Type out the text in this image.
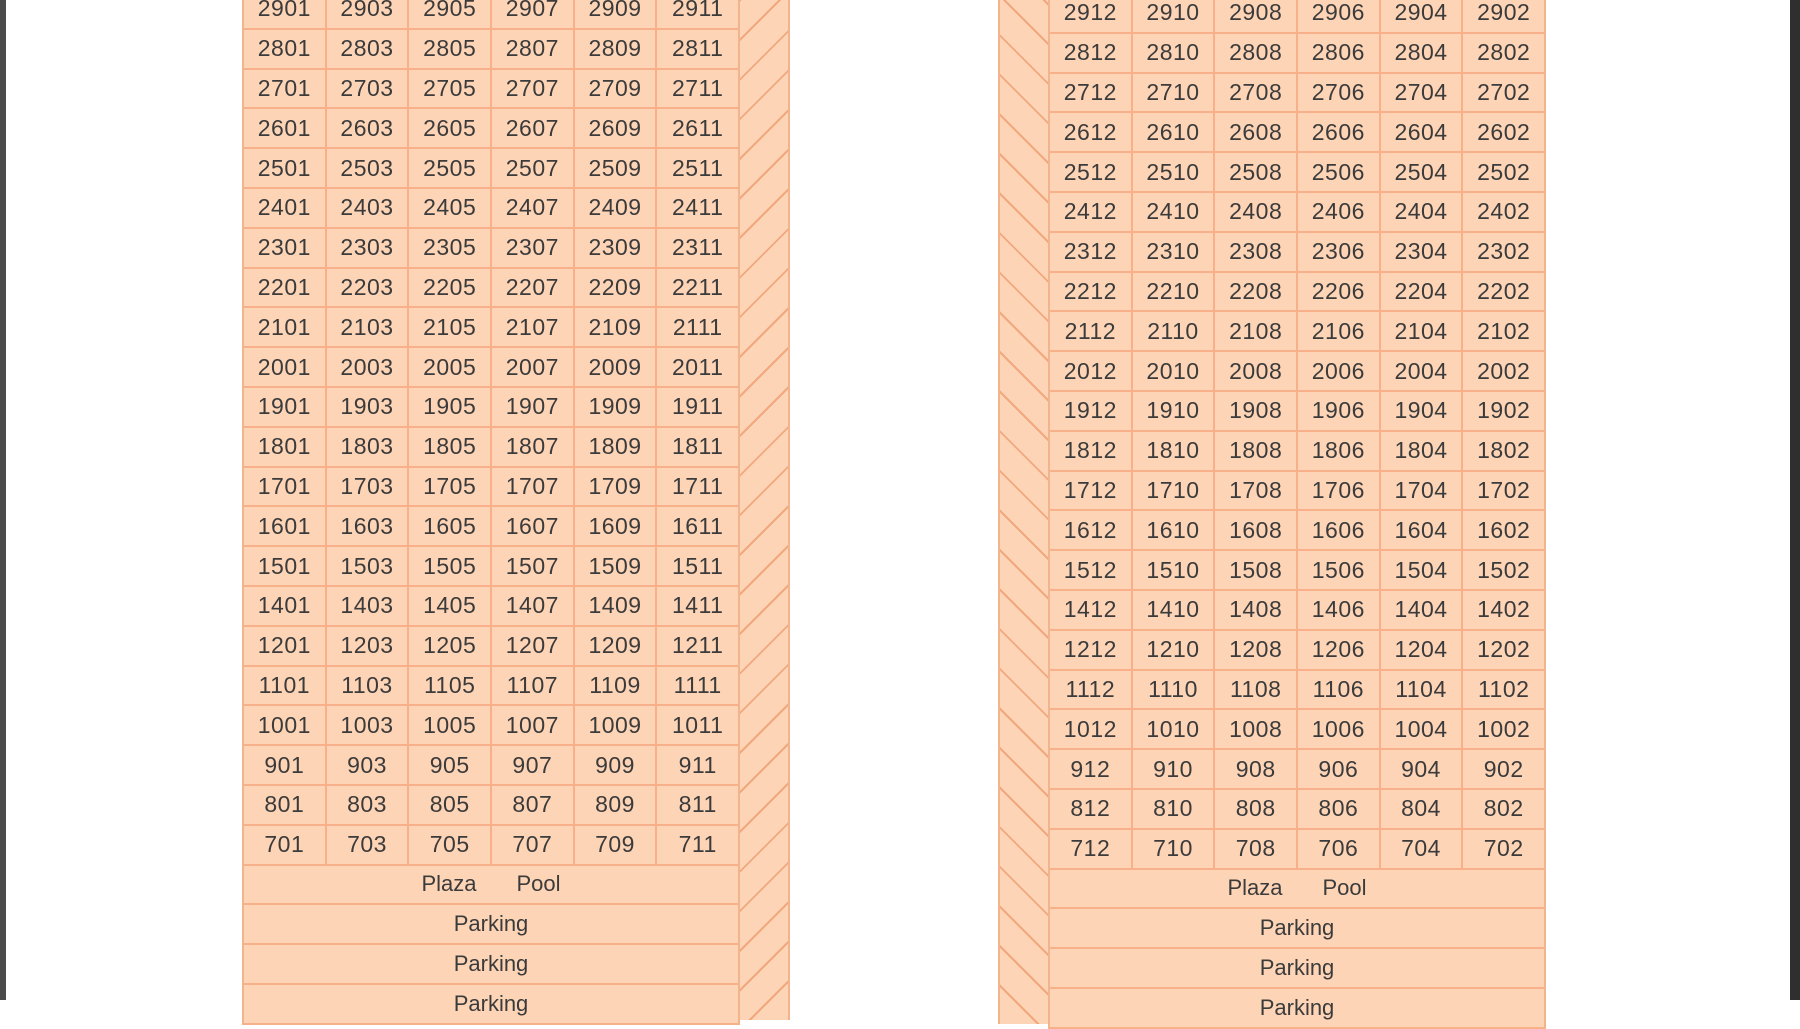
2901	2903	2905	2907	2909	2911
2801	2803	2805	2807	2809	2811
2701	2703	2705	2707	2709	2711
2601	2603	2605	2607	2609	2611
2501	2503	2505	2507	2509	2511
2401	2403	2405	2407	2409	2411
2301	2303	2305	2307	2309	2311
2201	2203	2205	2207	2209	2211
2101	2103	2105	2107	2109	2111
2001	2003	2005	2007	2009	2011
1901	1903	1905	1907	1909	1911
1801	1803	1805	1807	1809	1811
1701	1703	1705	1707	1709	1711
1601	1603	1605	1607	1609	1611
1501	1503	1505	1507	1509	1511
1401	1403	1405	1407	1409	1411
1201	1203	1205	1207	1209	1211
1101	1103	1105	1107	1109	1111
1001	1003	1005	1007	1009	1011
901	903	905	907	909	911
801	803	805	807	809	811
701	703	705	707	709	711
Plaza Pool
Parking
Parking
Parking
2912	2910	2908	2906	2904	2902
2812	2810	2808	2806	2804	2802
2712	2710	2708	2706	2704	2702
2612	2610	2608	2606	2604	2602
2512	2510	2508	2506	2504	2502
2412	2410	2408	2406	2404	2402
2312	2310	2308	2306	2304	2302
2212	2210	2208	2206	2204	2202
2112	2110	2108	2106	2104	2102
2012	2010	2008	2006	2004	2002
1912	1910	1908	1906	1904	1902
1812	1810	1808	1806	1804	1802
1712	1710	1708	1706	1704	1702
1612	1610	1608	1606	1604	1602
1512	1510	1508	1506	1504	1502
1412	1410	1408	1406	1404	1402
1212	1210	1208	1206	1204	1202
1112	1110	1108	1106	1104	1102
1012	1010	1008	1006	1004	1002
912	910	908	906	904	902
812	810	808	806	804	802
712	710	708	706	704	702
Plaza Pool
Parking
Parking
Parking
